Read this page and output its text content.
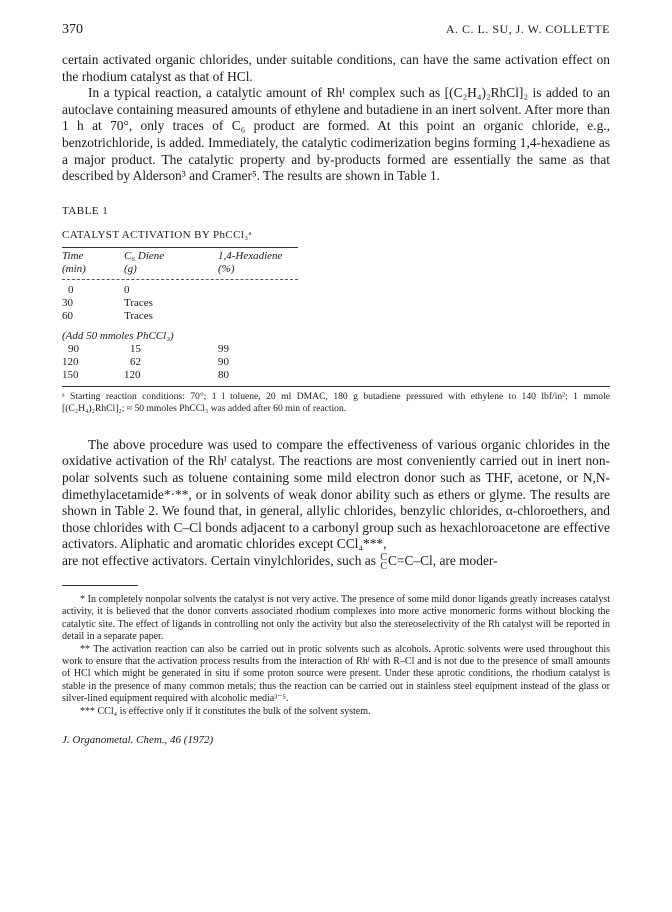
370	A. C. L. SU, J. W. COLLETTE

certain activated organic chlorides, under suitable conditions, can have the same activation effect on the rhodium catalyst as that of HCl.

In a typical reaction, a catalytic amount of Rhᴵ complex such as [(C₂H₄)₂RhCl]₂ is added to an autoclave containing measured amounts of ethylene and butadiene in an inert solvent. After more than 1 h at 70°, only traces of C₆ product are formed. At this point an organic chloride, e.g., benzotrichloride, is added. Immediately, the catalytic codimerization begins forming 1,4-hexadiene as a major product. The catalytic property and by-products formed are essentially the same as that described by Alderson³ and Cramer⁵. The results are shown in Table 1.

TABLE 1
CATALYST ACTIVATION BY PhCCl₃ᵃ
Time	C₆ Diene	1,4-Hexadiene
(min)	(g)	(%)
0	0
30	Traces
60	Traces
(Add 50 mmoles PhCCl₃)
90	15	99
120	62	90
150	120	80
ᵃ Starting reaction conditions: 70°; 1 l toluene, 20 ml DMAC, 180 g butadiene pressured with ethylene to 140 lbf/in²; 1 mmole [(C₂H₄)₂RhCl]₂; ≈ 50 mmoles PhCCl₃ was added after 60 min of reaction.

The above procedure was used to compare the effectiveness of various organic chlorides in the oxidative activation of the Rhᴵ catalyst. The reactions are most conveniently carried out in inert non-polar solvents such as toluene containing some mild electron donor such as THF, acetone, or N,N-dimethylacetamide*·**, or in solvents of weak donor ability such as ethers or glyme. The results are shown in Table 2. We found that, in general, allylic chlorides, benzylic chlorides, α-chloroethers, and those chlorides with C–Cl bonds adjacent to a carbonyl group such as hexachloroacetone are effective activators. Aliphatic and aromatic chlorides except CCl₄***,

are not effective activators. Certain vinylchlorides, such as C
CC=C–Cl, are moder-

* In completely nonpolar solvents the catalyst is not very active. The presence of some mild donor ligands greatly increases catalyst activity, it is believed that the donor converts associated rhodium complexes into more active monomeric forms without blocking the catalytic site. The effect of ligands in controlling not only the activity but also the stereoselectivity of the Rh catalyst will be reported in detail in a separate paper.

** The activation reaction can also be carried out in protic solvents such as alcohols. Aprotic solvents were used throughout this work to ensure that the activation process results from the interaction of Rhᴵ with R–Cl and is not due to the presence of small amounts of HCl which might be generated in situ if some proton source were present. Under these aprotic conditions, the rhodium catalyst is stable in the presence of many common metals; thus the reaction can be carried out in stainless steel equipment instead of the glass or silver-lined equipment required with alcoholic media³⁻⁵.

*** CCl₄ is effective only if it constitutes the bulk of the solvent system.

J. Organometal. Chem., 46 (1972)
